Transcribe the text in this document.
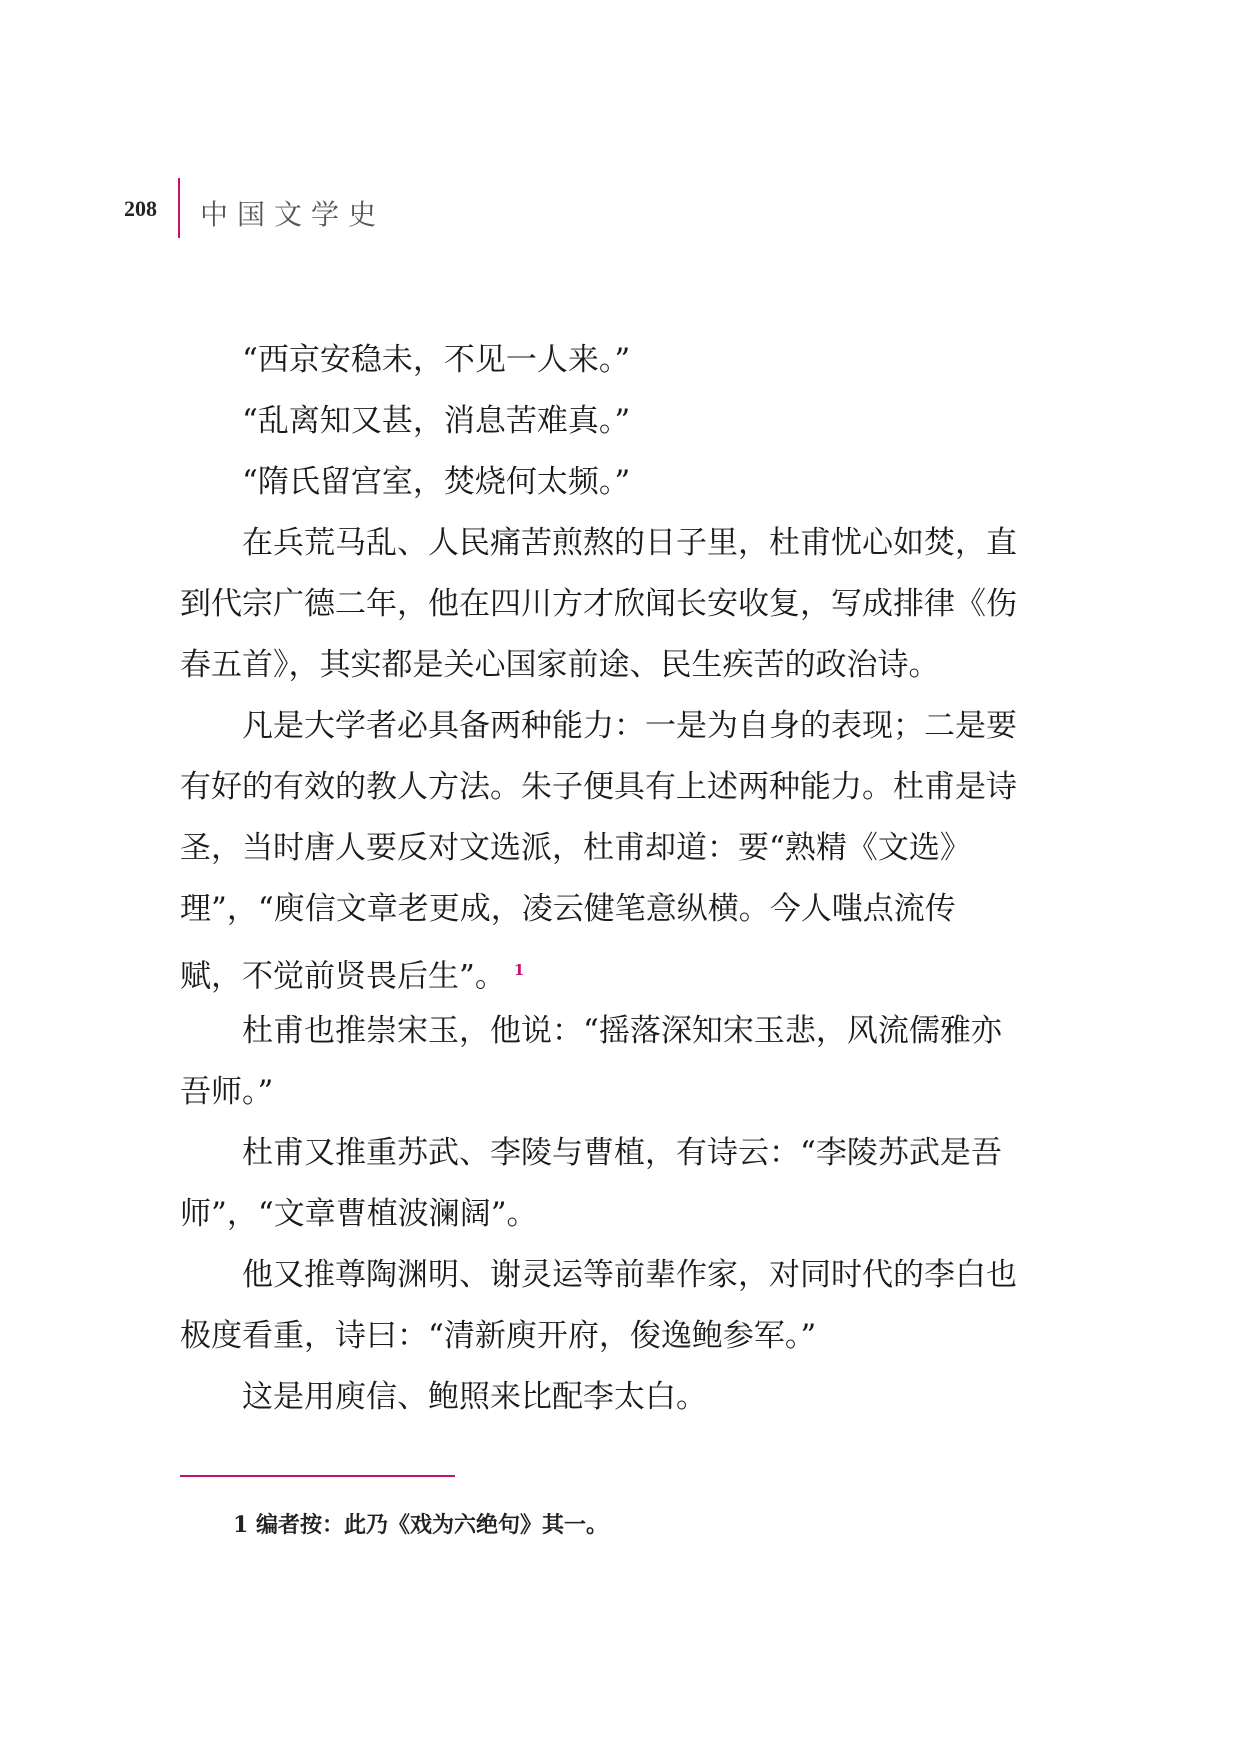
208 中国文学史
“西京安稳未，不见一人来。”
“乱离知又甚，消息苦难真。”
“隋氏留宫室，焚烧何太频。”
在兵荒马乱、人民痛苦煎熬的日子里，杜甫忧心如焚，直
到代宗广德二年，他在四川方才欣闻长安收复，写成排律《伤
春五首》，其实都是关心国家前途、民生疾苦的政治诗。
凡是大学者必具备两种能力：一是为自身的表现；二是要
有好的有效的教人方法。朱子便具有上述两种能力。杜甫是诗
圣，当时唐人要反对文选派，杜甫却道：要“熟精《文选》
理”，“庾信文章老更成，凌云健笔意纵横。今人嗤点流传
赋，不觉前贤畏后生”。 $^1$
杜甫也推崇宋玉，他说：“摇落深知宋玉悲，风流儒雅亦
吾师。”
杜甫又推重苏武、李陵与曹植，有诗云：“李陵苏武是吾
师”，“文章曹植波澜阔”。
他又推尊陶渊明、谢灵运等前辈作家，对同时代的李白也
极度看重，诗曰：“清新庾开府，俊逸鲍参军。”
这是用庾信、鲍照来比配李太白。
1 编者按：此乃《戏为六绝句》其一。
